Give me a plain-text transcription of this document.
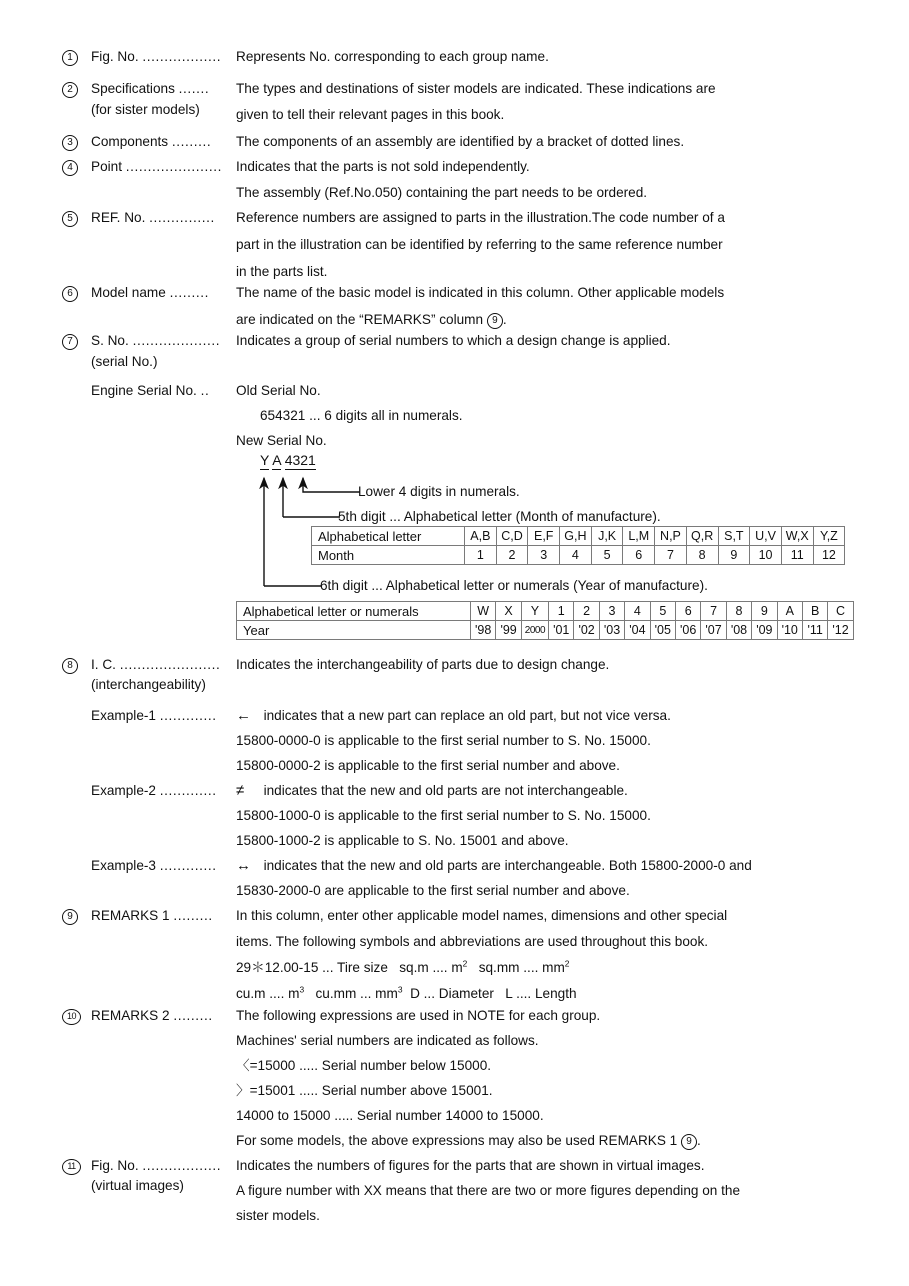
1	Fig. No. .................. Represents No. corresponding to each group name.
2	Specifications .......
(for sister models)
The types and destinations of sister models are indicated. These indications are
given to tell their relevant pages in this book.
3	Components ......... The components of an assembly are identified by a bracket of dotted lines.
4	Point ...................... Indicates that the parts is not sold independently.
The assembly (Ref.No.050) containing the part needs to be ordered.
5	REF. No. ............... Reference numbers are assigned to parts in the illustration.The code number of a
part in the illustration can be identified by referring to the same reference number
in the parts list.
6	Model name ......... The name of the basic model is indicated in this column. Other applicable models
are indicated on the “REMARKS” column 9 .
7	S. No. ....................
(serial No.)
Indicates a group of serial numbers to which a design change is applied.
Engine Serial No. .. Old Serial No.
654321 ... 6 digits all in numerals.
New Serial No.
Y A 4321
Lower 4 digits in numerals.
5th digit ... Alphabetical letter (Month of manufacture).
6th digit ... Alphabetical letter or numerals (Year of manufacture).
Alphabetical letter	A,B	C,D	E,F	G,H	J,K	L,M	N,P	Q,R	S,T	U,V	W,X	Y,Z
Month	1	2	3	4	5	6	7	8	9	10	11	12
Alphabetical letter or numerals	W	X	Y	1	2	3	4	5	6	7	8	9	A	B	C
Year	'98	'99	2000	'01	'02	'03	'04	'05	'06	'07	'08	'09	'10	'11	'12
8	I. C. .......................
(interchangeability)
Indicates the interchangeability of parts due to design change.
Example-1 ............. ← indicates that a new part can replace an old part, but not vice versa.
15800-0000-0 is applicable to the first serial number to S. No. 15000.
15800-0000-2 is applicable to the first serial number and above.
Example-2 ............. ≠ indicates that the new and old parts are not interchangeable.
15800-1000-0 is applicable to the first serial number to S. No. 15000.
15800-1000-2 is applicable to S. No. 15001 and above.
Example-3 ............. ↔ indicates that the new and old parts are interchangeable. Both 15800-2000-0 and
15830-2000-0 are applicable to the first serial number and above.
9	REMARKS 1 ......... In this column, enter other applicable model names, dimensions and other special
items. The following symbols and abbreviations are used throughout this book.
29＊12.00-15 ... Tire size sq.m .... $m^2$ sq.mm .... $mm^2$
cu.m .... $m^3$ cu.mm ... $mm^3$ D ... Diameter L .... Length
10	REMARKS 2 ......... The following expressions are used in NOTE for each group.
Machines' serial numbers are indicated as follows.
〈=15000 ..... Serial number below 15000.
〉=15001 ..... Serial number above 15001.
14000 to 15000 ..... Serial number 14000 to 15000.
For some models, the above expressions may also be used REMARKS 1 9 .
11	Fig. No. ..................
(virtual images)
Indicates the numbers of figures for the parts that are shown in virtual images.
A figure number with XX means that there are two or more figures depending on the
sister models.
